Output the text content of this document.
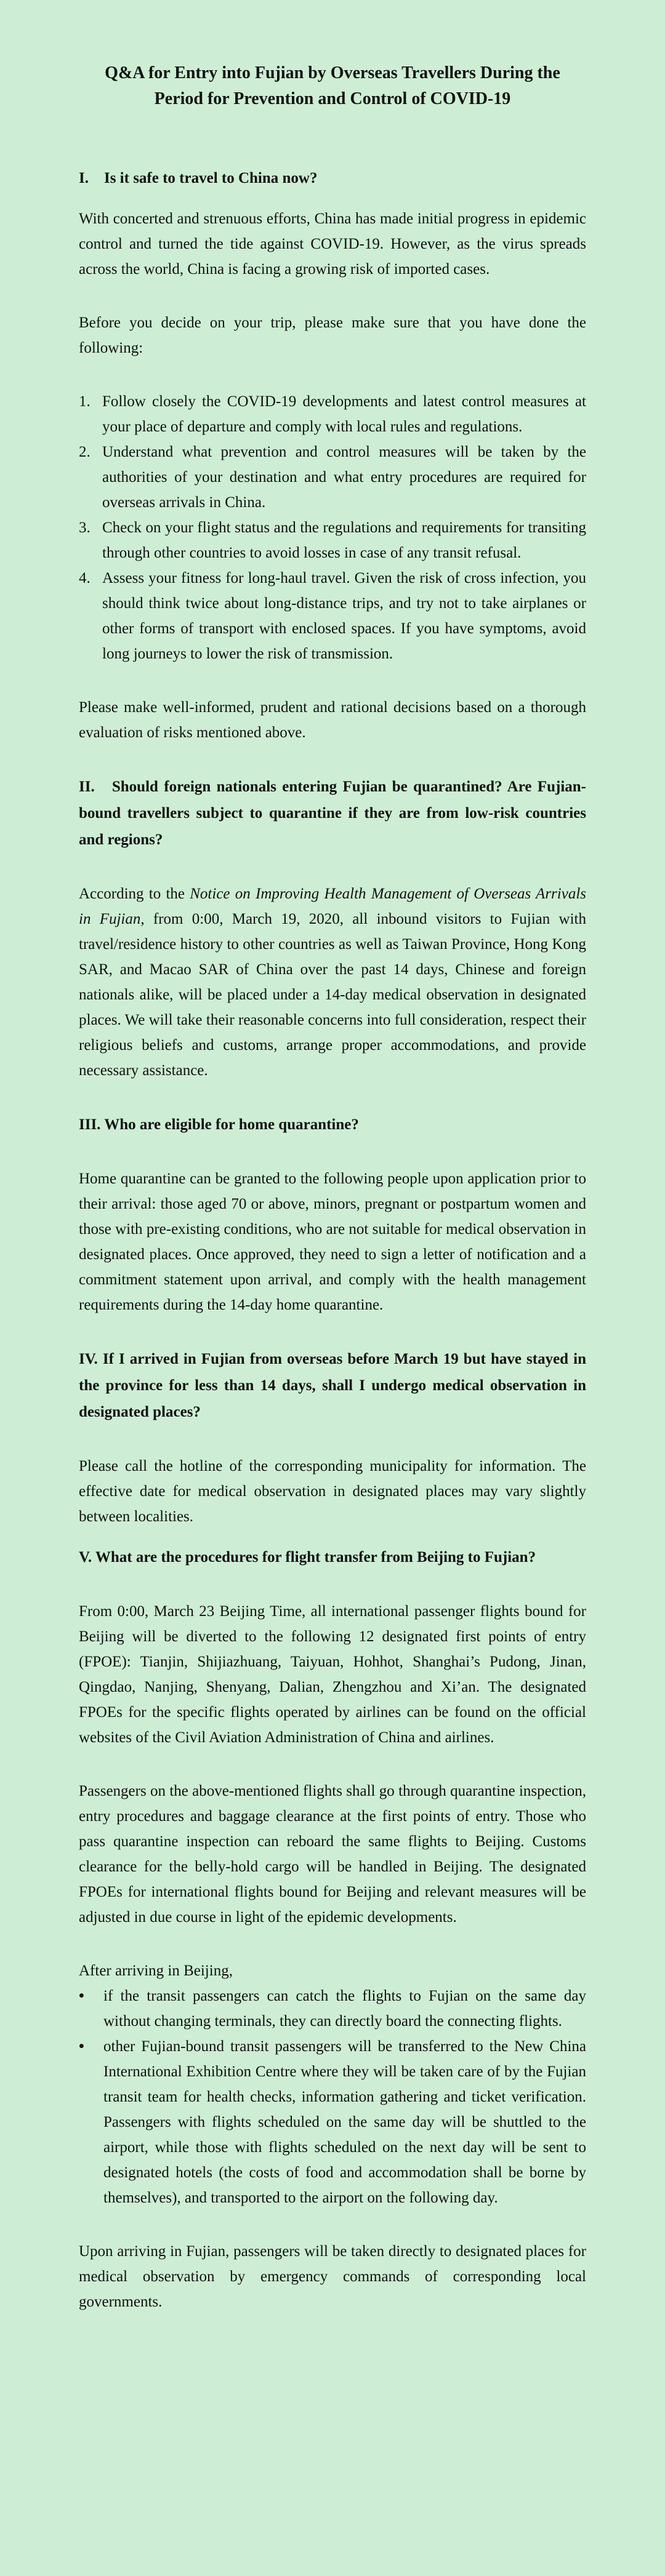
Q&A for Entry into Fujian by Overseas Travellers During the Period for Prevention and Control of COVID-19
I.    Is it safe to travel to China now?

With concerted and strenuous efforts, China has made initial progress in epidemic control and turned the tide against COVID-19. However, as the virus spreads across the world, China is facing a growing risk of imported cases.

Before you decide on your trip, please make sure that you have done the following:

1. Follow closely the COVID-19 developments and latest control measures at your place of departure and comply with local rules and regulations.
2. Understand what prevention and control measures will be taken by the authorities of your destination and what entry procedures are required for overseas arrivals in China.
3. Check on your flight status and the regulations and requirements for transiting through other countries to avoid losses in case of any transit refusal.
4. Assess your fitness for long-haul travel. Given the risk of cross infection, you should think twice about long-distance trips, and try not to take airplanes or other forms of transport with enclosed spaces. If you have symptoms, avoid long journeys to lower the risk of transmission.

Please make well-informed, prudent and rational decisions based on a thorough evaluation of risks mentioned above.

II.   Should foreign nationals entering Fujian be quarantined? Are Fujian-bound travellers subject to quarantine if they are from low-risk countries and regions?

According to the Notice on Improving Health Management of Overseas Arrivals in Fujian, from 0:00, March 19, 2020, all inbound visitors to Fujian with travel/residence history to other countries as well as Taiwan Province, Hong Kong SAR, and Macao SAR of China over the past 14 days, Chinese and foreign nationals alike, will be placed under a 14-day medical observation in designated places. We will take their reasonable concerns into full consideration, respect their religious beliefs and customs, arrange proper accommodations, and provide necessary assistance.

III. Who are eligible for home quarantine?

Home quarantine can be granted to the following people upon application prior to their arrival: those aged 70 or above, minors, pregnant or postpartum women and those with pre-existing conditions, who are not suitable for medical observation in designated places. Once approved, they need to sign a letter of notification and a commitment statement upon arrival, and comply with the health management requirements during the 14-day home quarantine.

IV. If I arrived in Fujian from overseas before March 19 but have stayed in the province for less than 14 days, shall I undergo medical observation in designated places?

Please call the hotline of the corresponding municipality for information. The effective date for medical observation in designated places may vary slightly between localities.

V. What are the procedures for flight transfer from Beijing to Fujian?

From 0:00, March 23 Beijing Time, all international passenger flights bound for Beijing will be diverted to the following 12 designated first points of entry (FPOE): Tianjin, Shijiazhuang, Taiyuan, Hohhot, Shanghai’s Pudong, Jinan, Qingdao, Nanjing, Shenyang, Dalian, Zhengzhou and Xi’an. The designated FPOEs for the specific flights operated by airlines can be found on the official websites of the Civil Aviation Administration of China and airlines.

Passengers on the above-mentioned flights shall go through quarantine inspection, entry procedures and baggage clearance at the first points of entry. Those who pass quarantine inspection can reboard the same flights to Beijing. Customs clearance for the belly-hold cargo will be handled in Beijing. The designated FPOEs for international flights bound for Beijing and relevant measures will be adjusted in due course in light of the epidemic developments.

After arriving in Beijing,

• if the transit passengers can catch the flights to Fujian on the same day without changing terminals, they can directly board the connecting flights.
• other Fujian-bound transit passengers will be transferred to the New China International Exhibition Centre where they will be taken care of by the Fujian transit team for health checks, information gathering and ticket verification. Passengers with flights scheduled on the same day will be shuttled to the airport, while those with flights scheduled on the next day will be sent to designated hotels (the costs of food and accommodation shall be borne by themselves), and transported to the airport on the following day.

Upon arriving in Fujian, passengers will be taken directly to designated places for medical observation by emergency commands of corresponding local governments.
